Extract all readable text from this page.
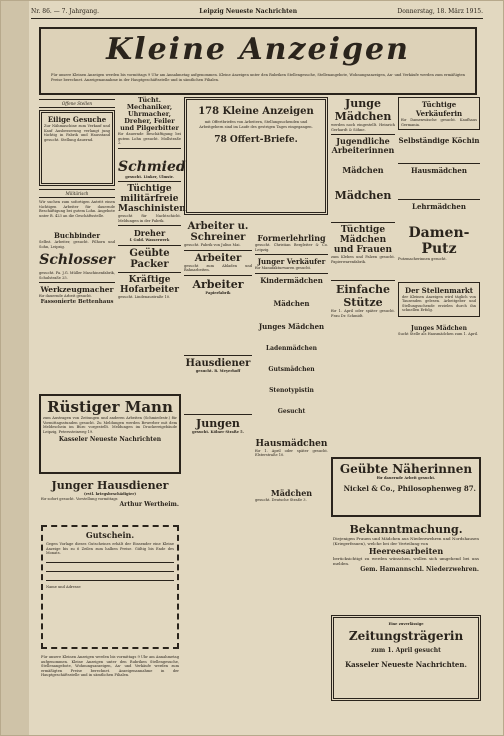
Nr. 86. — 7. Jahrgang.	Leipzig Neueste Nachrichten	Donnerstag, 18. März 1915.
Kleine Anzeigen
Für unsere Kleinen Anzeigen werden bis vormittags 9 Uhr am Annahmetag aufgenommen. Kleine Anzeigen unter den Rubriken Stellengesuche, Stellenangebote, Wohnungsanzeigen, An- und Verkäufe werden zum ermäßigten Preise berechnet. Anzeigenannahme in der Hauptgeschäftsstelle und in sämtlichen Filialen.
Offene Stellen
Eilige Gesuche
Zur Nähmaschine zum Verkauf und Kauf Ausbesserung verlangt jung tüchtig in Fabrik und Hausstand gesucht. Stellung dauernd.
Militärisch
Wir suchen zum sofortigen Antritt einen tüchtigen Arbeiter für dauernde Beschäftigung bei gutem Lohn. Angebote unter B. 423 an die Geschäftsstelle.
Buchbinder
Selbst. Arbeiter, gesucht. Pilhorn und Sohn, Leipzig.
Schlosser
gesucht. Fa. J.G. Müller Maschinenfabrik, Schulstraße 25.
Werkzeugmacher
für dauernde Arbeit gesucht.
Fassonierte Bettenhaus
Rüstiger Mann
zum Austragen von Zeitungen und anderen Arbeiten (Schmiedestr.) für Vormittagsstunden gesucht. Zu Meldungen werden Bewerber mit dem Meldeschein im Büro vorgestellt. Meldungen im Druckereigebäude Leipzig, Peterssteinweg 19.
Kasseler Neueste Nachrichten
Junger Hausdiener
(evtl. kriegsbeschädigter)
für sofort gesucht. Vorstellung vormittags
Arthur Wertheim.
Gutschein.
Gegen Vorlage dieses Gutscheines erhält der Einsender eine Kleine Anzeige bis zu 6 Zeilen zum halben Preise. Gültig bis Ende des Monats.
Name und Adresse
Für unsere Kleinen Anzeigen werden bis vormittags 9 Uhr am Annahmetag aufgenommen. Kleine Anzeigen unter den Rubriken Stellengesuche, Stellenangebote, Wohnungsanzeigen, An- und Verkäufe werden zum ermäßigten Preise berechnet. Anzeigenannahme in der Hauptgeschäftsstelle und in sämtlichen Filialen.
Tücht. Mechaniker, Uhrmacher, Dreher, Feiler und Pilgerbitter
für dauernde Beschäftigung bei gutem Lohn gesucht. Mollstraße 2.
Schmied
gesucht. Linker, Ulmstr.
Tüchtige militärfreie Maschinisten
gesucht für Nachtschicht. Meldungen in der Fabrik.
Dreher
f. Gold. Wasserwerk
Geübte Packer
Kräftige Hofarbeiter
gesucht. Lindenaustraße 10.
178 Kleine Anzeigen
mit Offertbriefen von Arbeitern, Stellungsuchenden und Arbeitgebern sind im Laufe des gestrigen Tages eingegangen.
78 Offert-Briefe.
Arbeiter u. Schreiner
gesucht. Fabrik von Julius Mai.
Arbeiter
gesucht zum Abladen und Bahnarbeiten.
Arbeiter
Papierfabrik
Hausdiener
gesucht. R. Meyerhoff
Jungen
gesucht. Kölner Straße 5.
Formerlehrling
gesucht. Christian Bergleiter & Co. Leipzig.
Junger Verkäufer
für Manufakturwaren gesucht.
Kindermädchen
Mädchen
Junges Mädchen
Ladenmädchen
Gutsmädchen
Stenotypistin
Gesucht
Hausmädchen
für 1. April oder später gesucht. Elsterstraße 10.
Mädchen
gesucht. Deutsche Straße 3.
Junge Mädchen
werden noch eingestellt. Heinrich Gerhardt & Söhne.
Jugendliche Arbeiterinnen
Mädchen
Mädchen
Tüchtige Mädchen und Frauen
zum Kleben und Falzen gesucht. Papierwarenfabrik.
Einfache Stütze
für 1. April oder später gesucht. Frau Dr. Schmidt.
Tüchtige Verkäuferin
für Damenwäsche gesucht. Kaufhaus Germania.
Selbständige Köchin
Hausmädchen
Lehrmädchen
Damen-Putz
Putzmacherinnen gesucht.
Der Stellenmarkt
der Kleinen Anzeigen wird täglich von Tausenden gelesen. Arbeitgeber und Stellungsuchende erzielen durch ihn schnellen Erfolg.
Junges Mädchen
Sucht Stelle als Hausmädchen zum 1. April.
Geübte Näherinnen
für dauernde Arbeit gesucht.
Nickel & Co., Philosophenweg 87.
Bekanntmachung.
Diejenigen Frauen und Mädchen aus Niederzwehren und Nordshausen (Kriegerfrauen), welche bei der Verteilung von
Heereesarbeiten
berücksichtigt zu werden wünschen, wollen sich umgehend bei uns melden.
Gem. Hamannschl. Niederzwehren.
Eine zuverlässige
Zeitungsträgerin
zum 1. April gesucht
Kasseler Neueste Nachrichten.
